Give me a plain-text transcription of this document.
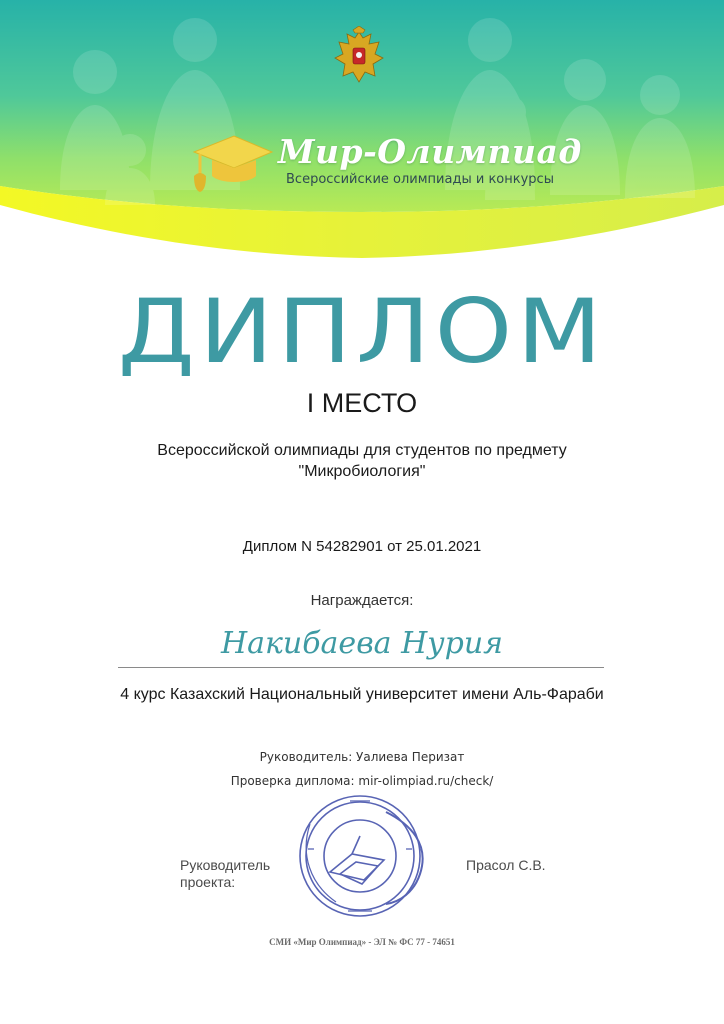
Мир-Олимпиад
Всероссийские олимпиады и конкурсы
ДИПЛОМ
I МЕСТО
Всероссийской олимпиады для студентов по предмету
"Микробиология"
Диплом N 54282901 от 25.01.2021
Награждается:
Накибаева Нурия
4 курс Казахский Национальный университет имени Аль-Фараби
Руководитель: Уалиева Перизат
Проверка диплома: mir-olimpiad.ru/check/
Руководитель
проекта:
Прасол С.В.
СМИ «Мир Олимпиад» - ЭЛ № ФС 77 - 74651
